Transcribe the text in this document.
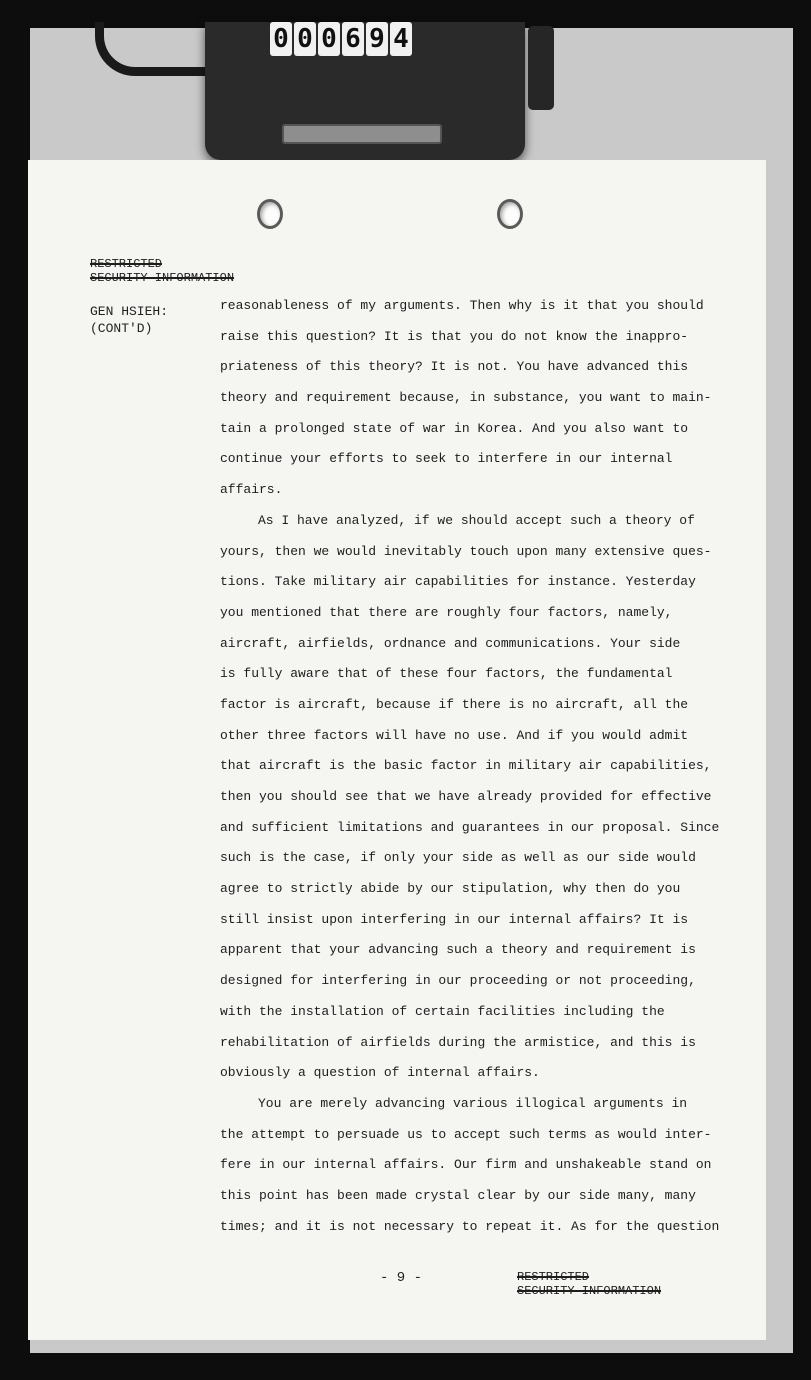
0 0 0 6 9 4
RESTRICTED
SECURITY INFORMATION
GEN HSIEH:
(CONT'D)
reasonableness of my arguments. Then why is it that you should
raise this question? It is that you do not know the inappro-
priateness of this theory? It is not. You have advanced this
theory and requirement because, in substance, you want to main-
tain a prolonged state of war in Korea. And you also want to
continue your efforts to seek to interfere in our internal
affairs.
As I have analyzed, if we should accept such a theory of
yours, then we would inevitably touch upon many extensive ques-
tions. Take military air capabilities for instance. Yesterday
you mentioned that there are roughly four factors, namely,
aircraft, airfields, ordnance and communications. Your side
is fully aware that of these four factors, the fundamental
factor is aircraft, because if there is no aircraft, all the
other three factors will have no use. And if you would admit
that aircraft is the basic factor in military air capabilities,
then you should see that we have already provided for effective
and sufficient limitations and guarantees in our proposal. Since
such is the case, if only your side as well as our side would
agree to strictly abide by our stipulation, why then do you
still insist upon interfering in our internal affairs? It is
apparent that your advancing such a theory and requirement is
designed for interfering in our proceeding or not proceeding,
with the installation of certain facilities including the
rehabilitation of airfields during the armistice, and this is
obviously a question of internal affairs.
You are merely advancing various illogical arguments in
the attempt to persuade us to accept such terms as would inter-
fere in our internal affairs. Our firm and unshakeable stand on
this point has been made crystal clear by our side many, many
times; and it is not necessary to repeat it. As for the question
- 9 -	RESTRICTED
SECURITY INFORMATION
